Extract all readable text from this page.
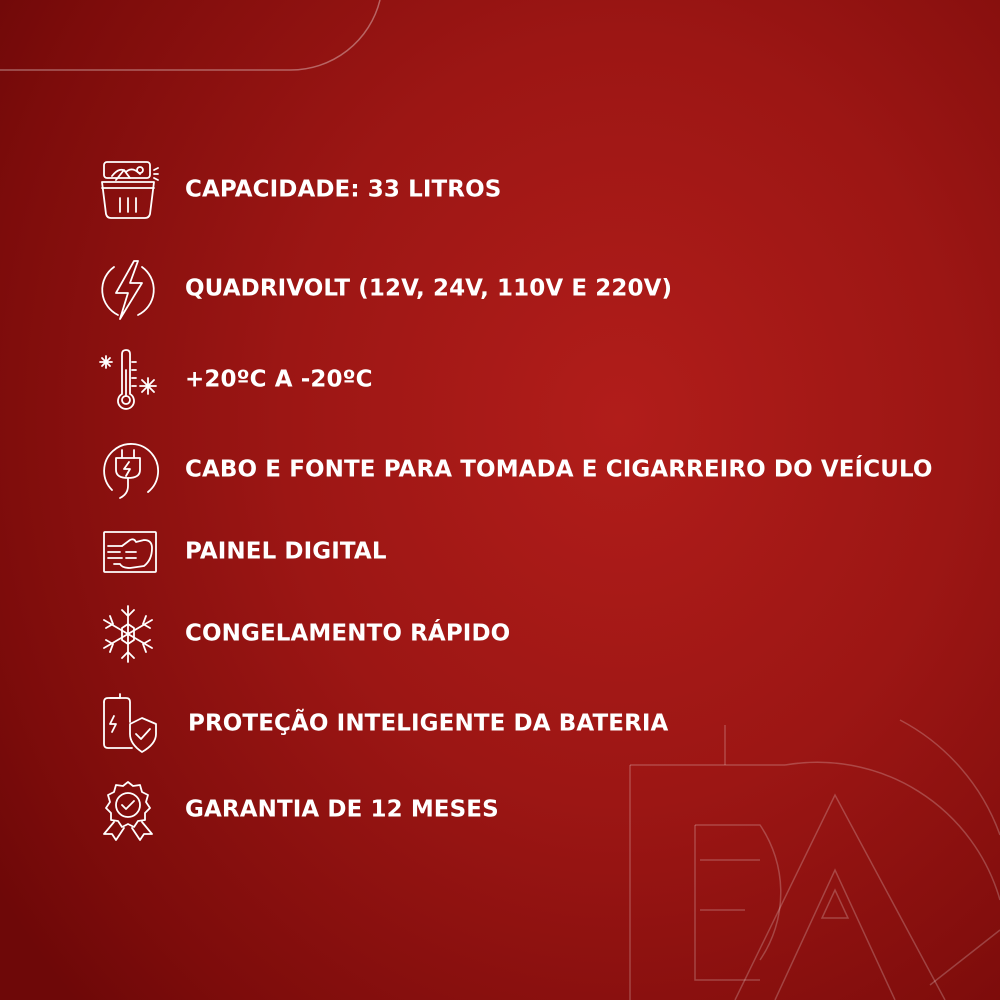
CAPACIDADE: 33 LITROS
QUADRIVOLT (12V, 24V, 110V E 220V)
+20ºC A -20ºC
CABO E FONTE PARA TOMADA E CIGARREIRO DO VEÍCULO
PAINEL DIGITAL
CONGELAMENTO RÁPIDO
PROTEÇÃO INTELIGENTE DA BATERIA
GARANTIA DE 12 MESES
